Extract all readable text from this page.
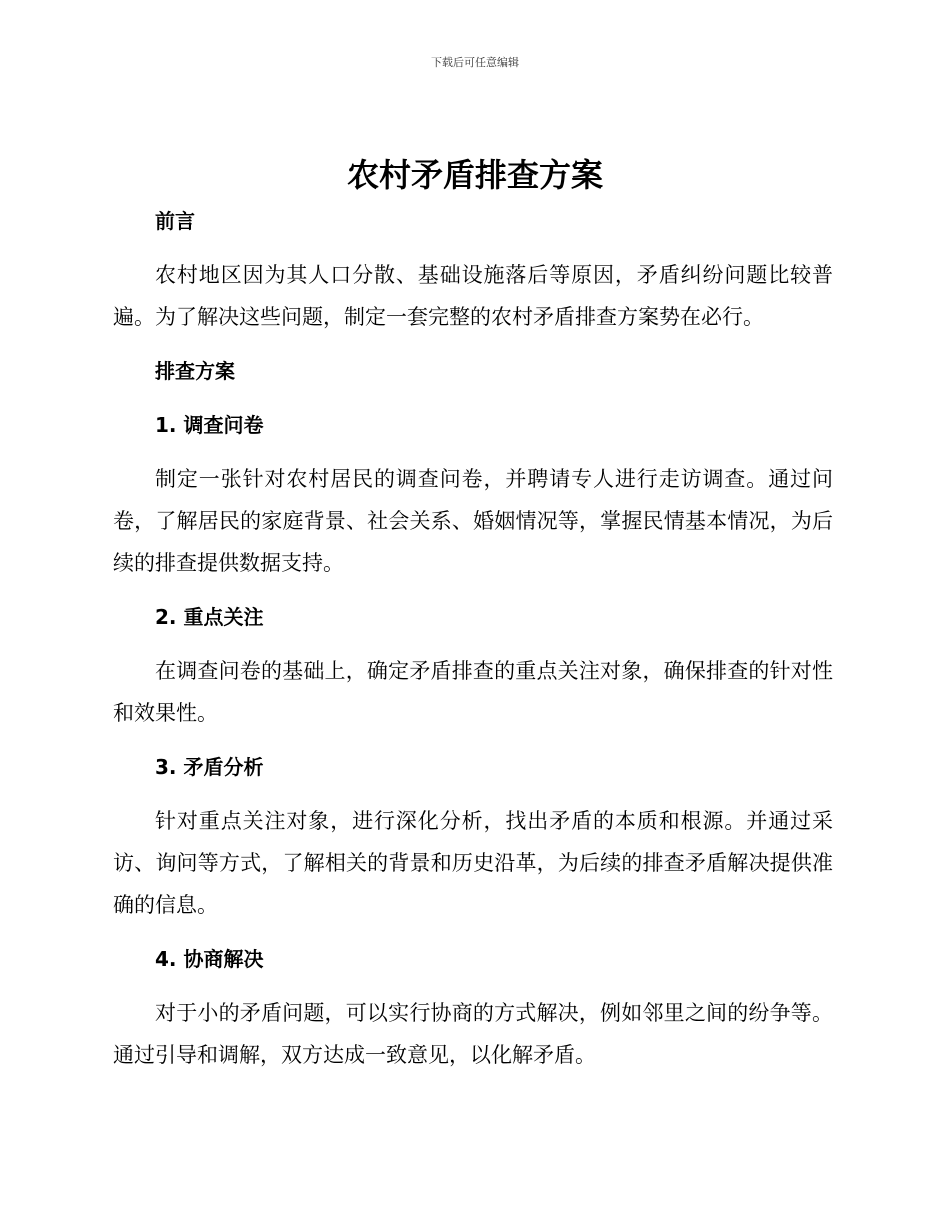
下载后可任意编辑
农村矛盾排查方案
前言

农村地区因为其人口分散、基础设施落后等原因，矛盾纠纷问题比较普遍。为了解决这些问题，制定一套完整的农村矛盾排查方案势在必行。

排查方案
1. 调查问卷

制定一张针对农村居民的调查问卷，并聘请专人进行走访调查。通过问卷，了解居民的家庭背景、社会关系、婚姻情况等，掌握民情基本情况，为后续的排查提供数据支持。

2. 重点关注

在调查问卷的基础上，确定矛盾排查的重点关注对象，确保排查的针对性和效果性。

3. 矛盾分析

针对重点关注对象，进行深化分析，找出矛盾的本质和根源。并通过采访、询问等方式，了解相关的背景和历史沿革，为后续的排查矛盾解决提供准确的信息。

4. 协商解决

对于小的矛盾问题，可以实行协商的方式解决，例如邻里之间的纷争等。通过引导和调解，双方达成一致意见，以化解矛盾。
